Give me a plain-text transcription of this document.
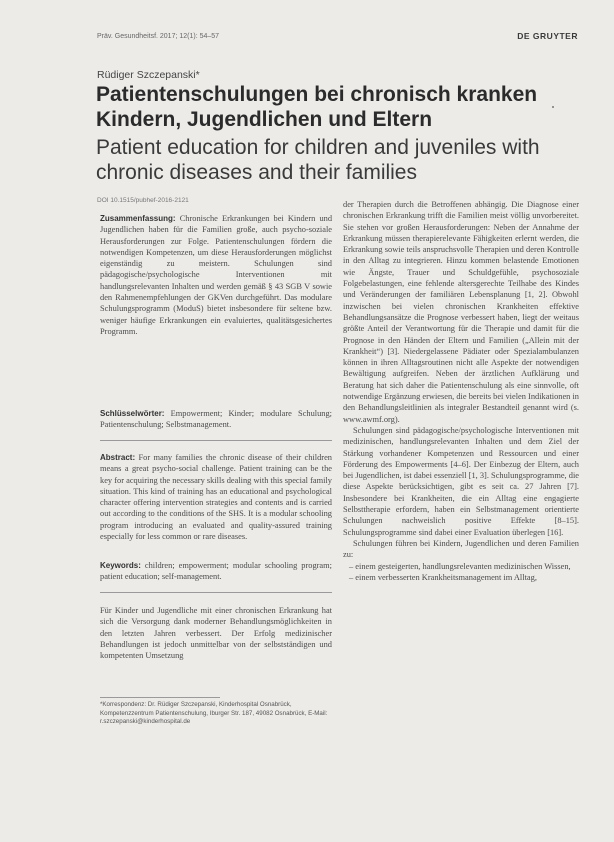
Präv. Gesundheitsf. 2017; 12(1): 54–57	DE GRUYTER
Rüdiger Szczepanski*
Patientenschulungen bei chronisch kranken Kindern, Jugendlichen und Eltern
Patient education for children and juveniles with chronic diseases and their families
DOI 10.1515/pubhef-2016-2121

Zusammenfassung: Chronische Erkrankungen bei Kindern und Jugendlichen haben für die Familien große, auch psycho-soziale Herausforderungen zur Folge. Patientenschulungen fördern die notwendigen Kompetenzen, um diese Herausforderungen möglichst eigenständig zu meistern. Schulungen sind pädagogische/psychologische Interventionen mit handlungsrelevanten Inhalten und werden gemäß § 43 SGB V sowie den Rahmenempfehlungen der GKVen durchgeführt. Das modulare Schulungsprogramm (ModuS) bietet insbesondere für seltene bzw. weniger häufige Erkrankungen ein evaluiertes, qualitätsgesichertes Programm.

Schlüsselwörter: Empowerment; Kinder; modulare Schulung; Patientenschulung; Selbstmanagement.

Abstract: For many families the chronic disease of their children means a great psycho-social challenge. Patient training can be the key for acquiring the necessary skills dealing with this special family situation. This kind of training has an educational and psychological character offering intervention strategies and contents and is carried out according to the conditions of the SHS. It is a modular schooling program introducing an evaluated and quality-assured training especially for less common or rare diseases.

Keywords: children; empowerment; modular schooling program; patient education; self-management.

Für Kinder und Jugendliche mit einer chronischen Erkrankung hat sich die Versorgung dank moderner Behandlungsmöglichkeiten in den letzten Jahren verbessert. Der Erfolg medizinischer Behandlungen ist jedoch unmittelbar von der selbstständigen und kompetenten Umsetzung

*Korrespondenz: Dr. Rüdiger Szczepanski, Kinderhospital Osnabrück, Kompetenzzentrum Patientenschulung, Iburger Str. 187, 49082 Osnabrück, E-Mail: r.szczepanski@kinderhospital.de

der Therapien durch die Betroffenen abhängig. Die Diagnose einer chronischen Erkrankung trifft die Familien meist völlig unvorbereitet. Sie stehen vor großen Herausforderungen: Neben der Annahme der Erkrankung müssen therapierelevante Fähigkeiten erlernt werden, die Erkrankung sowie teils anspruchsvolle Therapien und deren Kontrolle in den Alltag zu integrieren. Hinzu kommen belastende Emotionen wie Ängste, Trauer und Schuldgefühle, psychosoziale Folgebelastungen, eine fehlende altersgerechte Teilhabe des Kindes und Veränderungen der familiären Lebensplanung [1, 2]. Obwohl inzwischen bei vielen chronischen Krankheiten effektive Behandlungsansätze die Prognose verbessert haben, liegt der weitaus größte Anteil der Verantwortung für die Therapie und damit für die Prognose in den Händen der Eltern und Familien („Allein mit der Krankheit“) [3]. Niedergelassene Pädiater oder Spezialambulanzen können in ihren Alltagsroutinen nicht alle Aspekte der notwendigen Bewältigung aufgreifen. Neben der ärztlichen Aufklärung und Beratung hat sich daher die Patientenschulung als eine sinnvolle, oft notwendige Ergänzung erwiesen, die bereits bei vielen Indikationen in den Behandlungsleitlinien als integraler Bestandteil genannt wird (s. www.awmf.org).

Schulungen sind pädagogische/psychologische Interventionen mit medizinischen, handlungsrelevanten Inhalten und dem Ziel der Stärkung vorhandener Kompetenzen und Ressourcen und einer Förderung des Empowerments [4–6]. Der Einbezug der Eltern, auch bei Jugendlichen, ist dabei essenziell [1, 3]. Schulungsprogramme, die diese Aspekte berücksichtigen, gibt es seit ca. 27 Jahren [7]. Insbesondere bei Krankheiten, die ein Alltag eine engagierte Selbsttherapie erfordern, haben ein Selbstmanagement orientierte Schulungen nachweislich positive Effekte [8–15]. Schulungsprogramme sind dabei einer Evaluation überlegen [16].

Schulungen führen bei Kindern, Jugendlichen und deren Familien zu:

– einem gesteigerten, handlungsrelevanten medizinischen Wissen,

– einem verbesserten Krankheitsmanagement im Alltag,
